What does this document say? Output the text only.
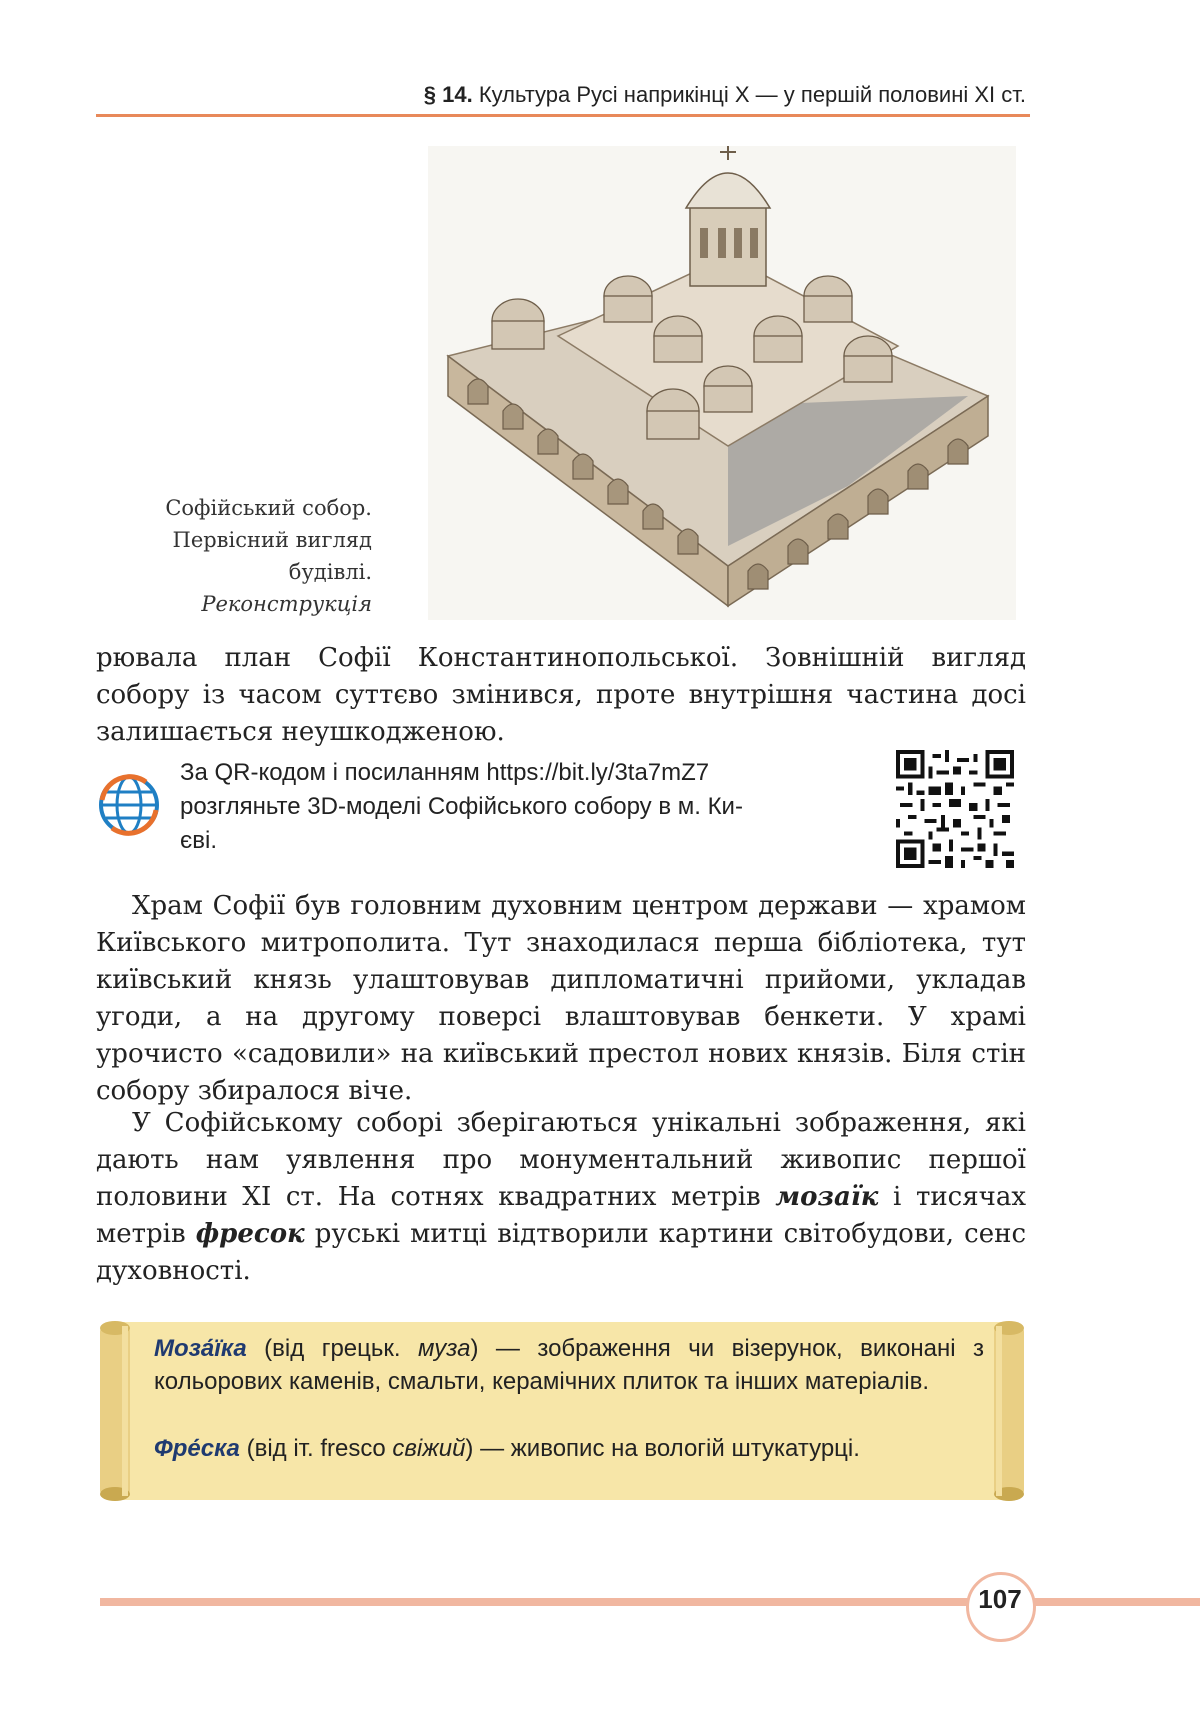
§ 14. Культура Русі наприкінці X — у першій половині XI ст.
Софійський собор.
Первісний вигляд
будівлі.
Реконструкція
рювала план Софії Константинопольської. Зовнішній вигляд собору із часом суттєво змінився, проте внутрішня частина досі залишається неушкодженою.
За QR-кодом і посиланням https://bit.ly/3ta7mZ7
розгляньте 3D-моделі Софійського собору в м. Ки-
єві.
Храм Софії був головним духовним центром держави — храмом Київського митрополита. Тут знаходилася перша бібліотека, тут київський князь улаштовував дипломатичні прийоми, укладав угоди, а на другому поверсі влаштовував бенкети. У храмі урочисто «садовили» на київський престол нових князів. Біля стін собору збиралося віче.
У Софійському соборі зберігаються унікальні зображення, які дають нам уявлення про монументальний живопис першої половини XI ст. На сотнях квадратних метрів мозаїк і тисячах метрів фресок руські митці відтворили картини світобудови, сенс духовності.
Моза́їка (від грецьк. муза) — зображення чи візерунок, виконані з кольорових каменів, смальти, керамічних плиток та інших матеріалів.
Фре́ска (від іт. fresco свіжий) — живопис на вологій штукатурці.
107
